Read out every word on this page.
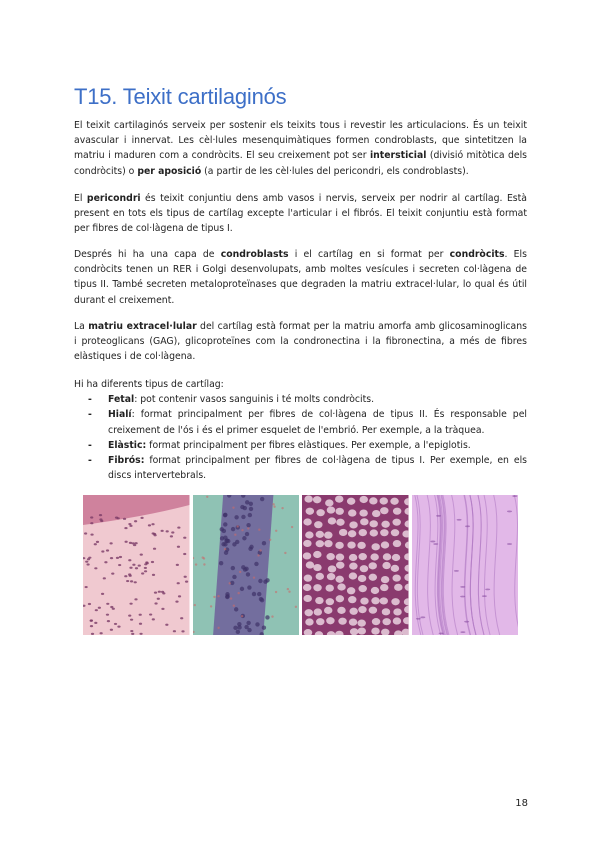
T15. Teixit cartilaginós

El teixit cartilaginós serveix per sostenir els teixits tous i revestir les articulacions. És un teixit avascular i innervat. Les cèl·lules mesenquimàtiques formen condroblasts, que sintetitzen la matriu i maduren com a condròcits. El seu creixement pot ser intersticial (divisió mitòtica dels condròcits) o per aposició (a partir de les cèl·lules del pericondri, els condroblasts).

El pericondri és teixit conjuntiu dens amb vasos i nervis, serveix per nodrir al cartílag. Està present en tots els tipus de cartílag excepte l'articular i el fibrós. El teixit conjuntiu està format per fibres de col·làgena de tipus I.

Després hi ha una capa de condroblasts i el cartílag en si format per condròcits. Els condròcits tenen un RER i Golgi desenvolupats, amb moltes vesícules i secreten col·làgena de tipus II. També secreten metaloproteïnases que degraden la matriu extracel·lular, lo qual és útil durant el creixement.

La matriu extracel·lular del cartílag està format per la matriu amorfa amb glicosaminoglicans i proteoglicans (GAG), glicoproteïnes com la condronectina i la fibronectina, a més de fibres elàstiques i de col·làgena.

Hi ha diferents tipus de cartílag:

- Fetal: pot contenir vasos sanguinis i té molts condròcits.
- Hialí: format principalment per fibres de col·làgena de tipus II. És responsable pel creixement de l'ós i és el primer esquelet de l'embrió. Per exemple, a la tràquea.
- Elàstic: format principalment per fibres elàstiques. Per exemple, a l'epiglotis.
- Fibrós: format principalment per fibres de col·làgena de tipus I. Per exemple, en els discs intervertebrals.
18
